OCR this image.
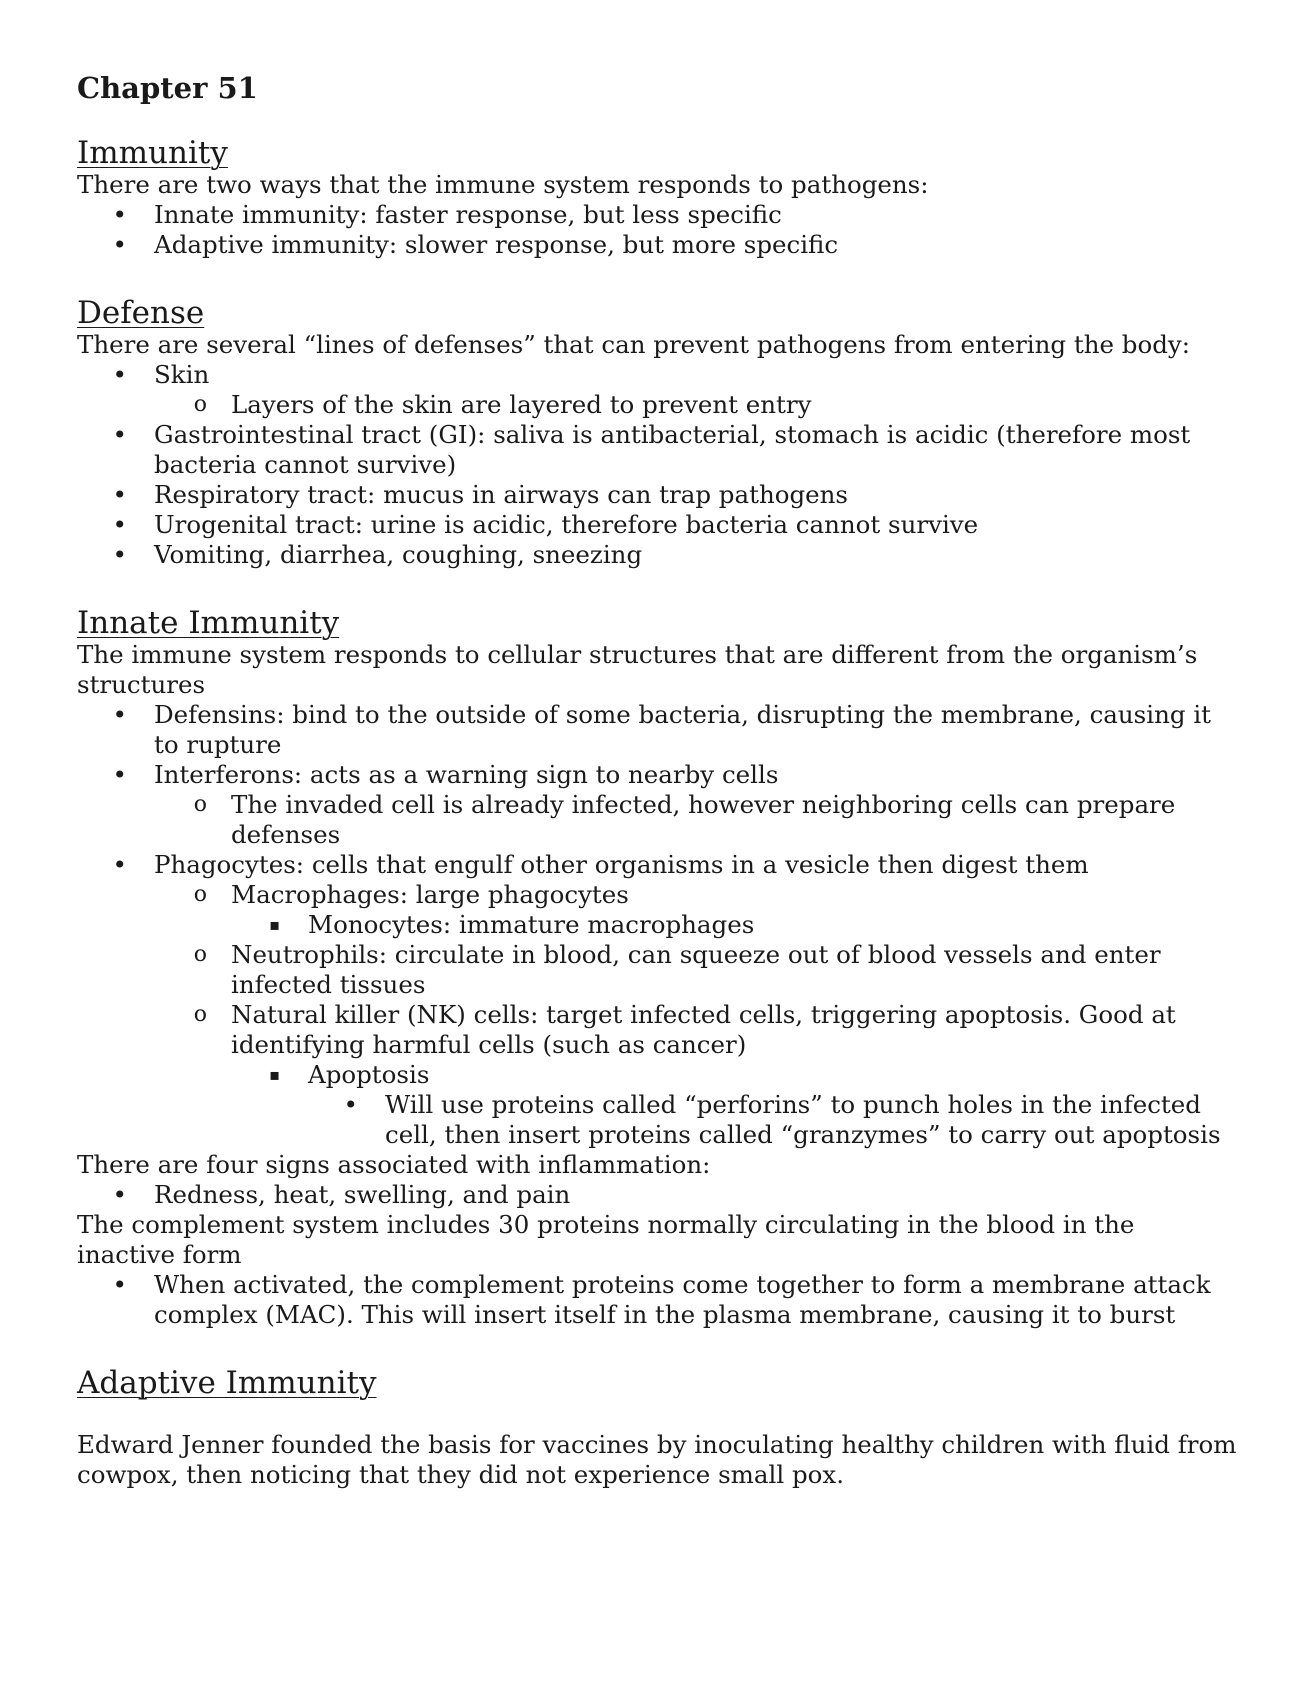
Chapter 51
Immunity

There are two ways that the immune system responds to pathogens:

•
Innate immunity: faster response, but less specific
•
Adaptive immunity: slower response, but more specific
Defense

There are several “lines of defenses” that can prevent pathogens from entering the body:

•
Skin
o
Layers of the skin are layered to prevent entry
•
Gastrointestinal tract (GI): saliva is antibacterial, stomach is acidic (therefore most bacteria cannot survive)
•
Respiratory tract: mucus in airways can trap pathogens
•
Urogenital tract: urine is acidic, therefore bacteria cannot survive
•
Vomiting, diarrhea, coughing, sneezing
Innate Immunity

The immune system responds to cellular structures that are different from the organism’s structures

•
Defensins: bind to the outside of some bacteria, disrupting the membrane, causing it to rupture
•
Interferons: acts as a warning sign to nearby cells
o
The invaded cell is already infected, however neighboring cells can prepare defenses
•
Phagocytes: cells that engulf other organisms in a vesicle then digest them
o
Macrophages: large phagocytes
▪
Monocytes: immature macrophages
o
Neutrophils: circulate in blood, can squeeze out of blood vessels and enter infected tissues
o
Natural killer (NK) cells: target infected cells, triggering apoptosis. Good at identifying harmful cells (such as cancer)
▪
Apoptosis
•
Will use proteins called “perforins” to punch holes in the infected cell, then insert proteins called “granzymes” to carry out apoptosis

There are four signs associated with inflammation:

•
Redness, heat, swelling, and pain

The complement system includes 30 proteins normally circulating in the blood in the inactive form

•
When activated, the complement proteins come together to form a membrane attack complex (MAC). This will insert itself in the plasma membrane, causing it to burst
Adaptive Immunity

Edward Jenner founded the basis for vaccines by inoculating healthy children with fluid from cowpox, then noticing that they did not experience small pox.
